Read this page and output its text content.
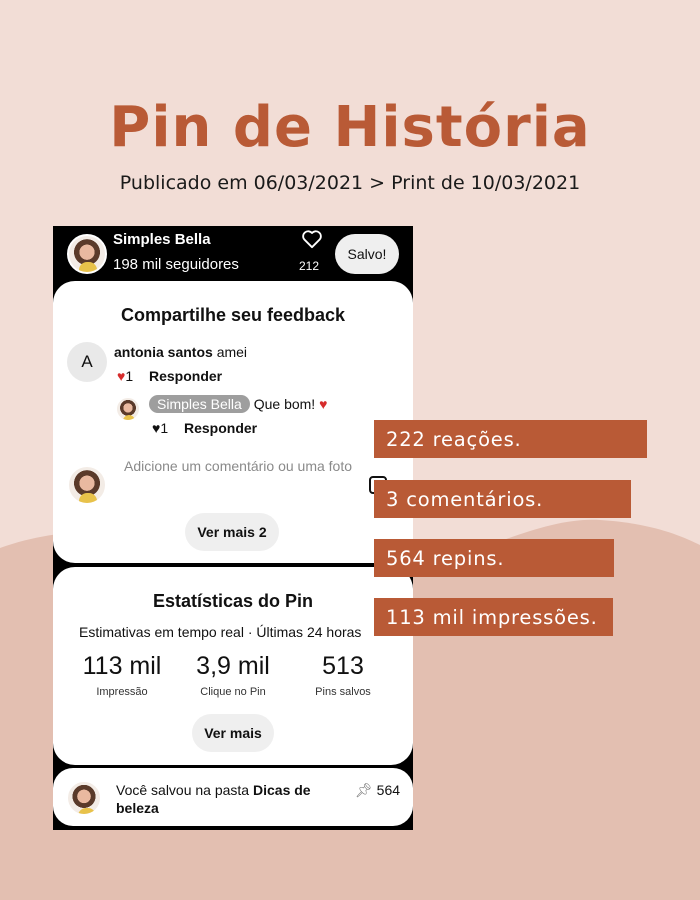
Pin de História
Publicado em 06/03/2021 > Print de 10/03/2021
Simples Bella
198 mil seguidores	212
Salvo!
Compartilhe seu feedback
A	antonia santos amei
♥1 Responder
Simples Bella Que bom! ♥
♥1 Responder
Adicione um comentário ou uma foto
Ver mais 2
Estatísticas do Pin
Estimativas em tempo real · Últimas 24 horas
113 mil
Impressão
3,9 mil
Clique no Pin
513
Pins salvos
Ver mais
Você salvou na pasta Dicas de beleza
📌︎ 564
222 reações.
3 comentários.
564 repins.
113 mil impressões.
